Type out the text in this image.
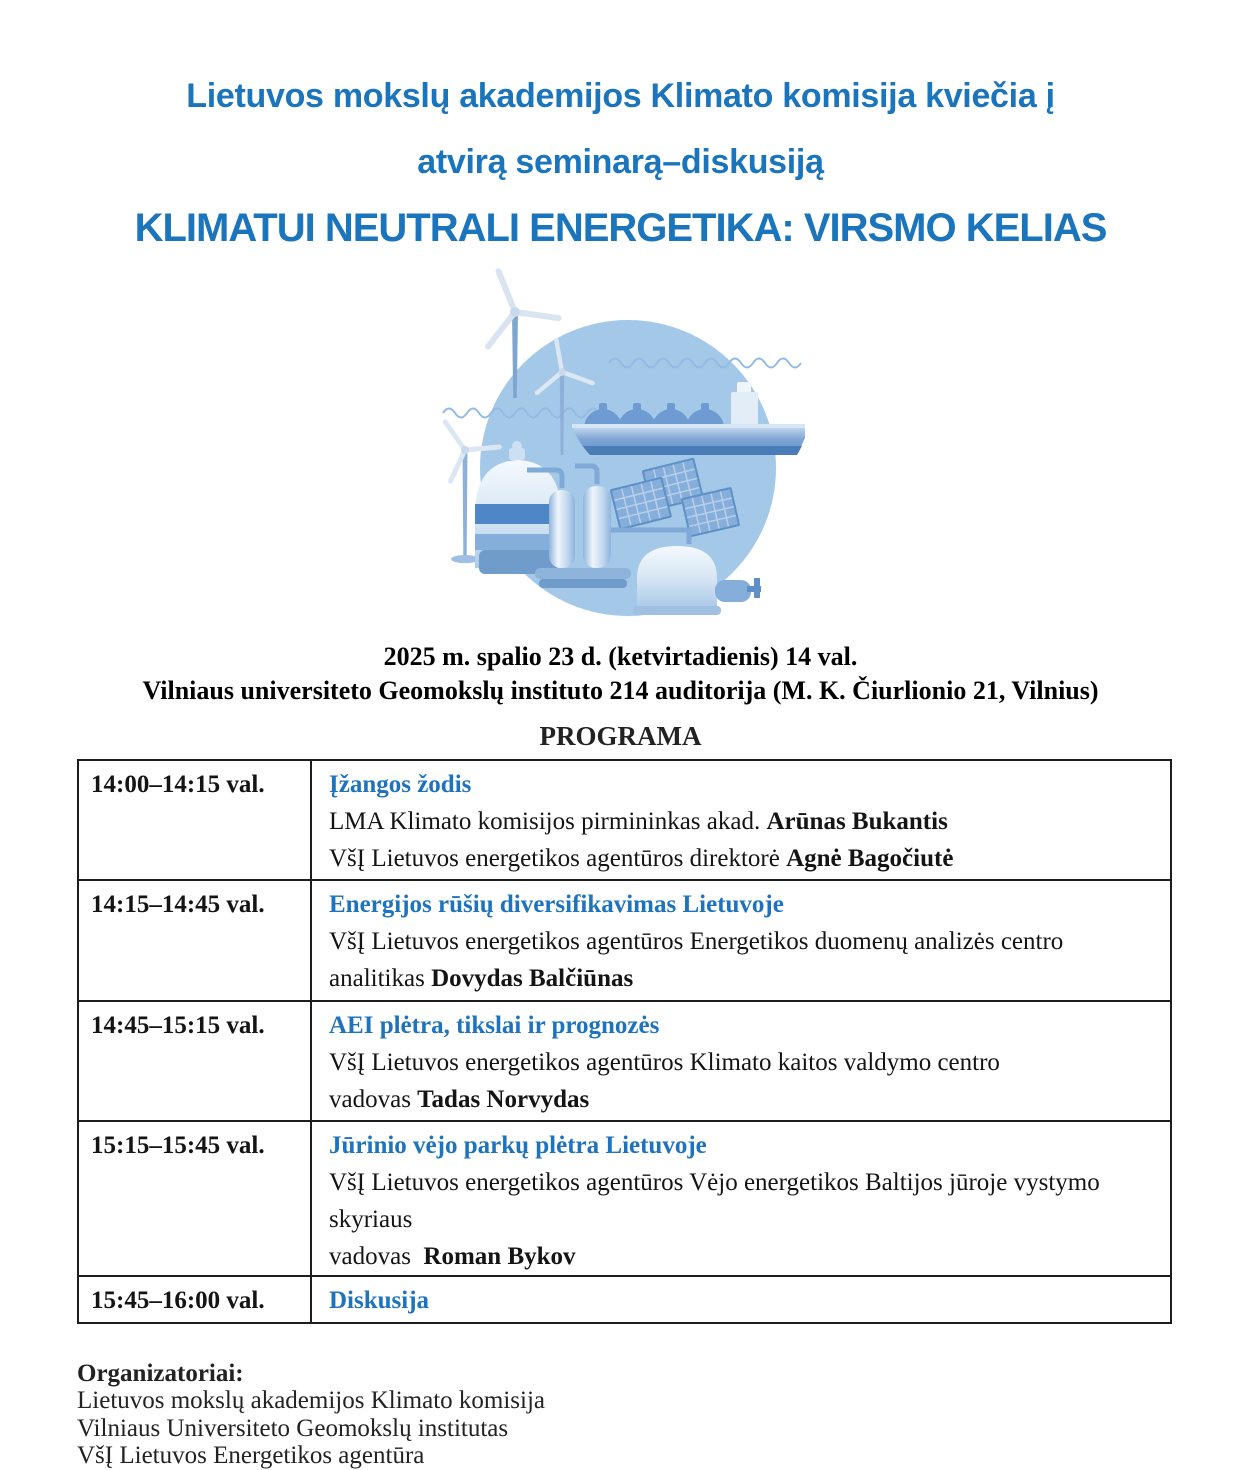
Lietuvos mokslų akademijos Klimato komisija kviečia į
atvirą seminarą–diskusiją
KLIMATUI NEUTRALI ENERGETIKA: VIRSMO KELIAS
2025 m. spalio 23 d. (ketvirtadienis) 14 val.
Vilniaus universiteto Geomokslų instituto 214 auditorija (M. K. Čiurlionio 21, Vilnius)
PROGRAMA
14:00–14:15 val.	Įžangos žodis
LMA Klimato komisijos pirmininkas akad. Arūnas Bukantis
VšĮ Lietuvos energetikos agentūros direktorė Agnė Bagočiutė

14:15–14:45 val.	Energijos rūšių diversifikavimas Lietuvoje
VšĮ Lietuvos energetikos agentūros Energetikos duomenų analizės centro
analitikas Dovydas Balčiūnas

14:45–15:15 val.	AEI plėtra, tikslai ir prognozės
VšĮ Lietuvos energetikos agentūros Klimato kaitos valdymo centro
vadovas Tadas Norvydas

15:15–15:45 val.	Jūrinio vėjo parkų plėtra Lietuvoje
VšĮ Lietuvos energetikos agentūros Vėjo energetikos Baltijos jūroje vystymo skyriaus
vadovas  Roman Bykov

15:45–16:00 val.	Diskusija
Organizatoriai:
Lietuvos mokslų akademijos Klimato komisija
Vilniaus Universiteto Geomokslų institutas
VšĮ Lietuvos Energetikos agentūra
